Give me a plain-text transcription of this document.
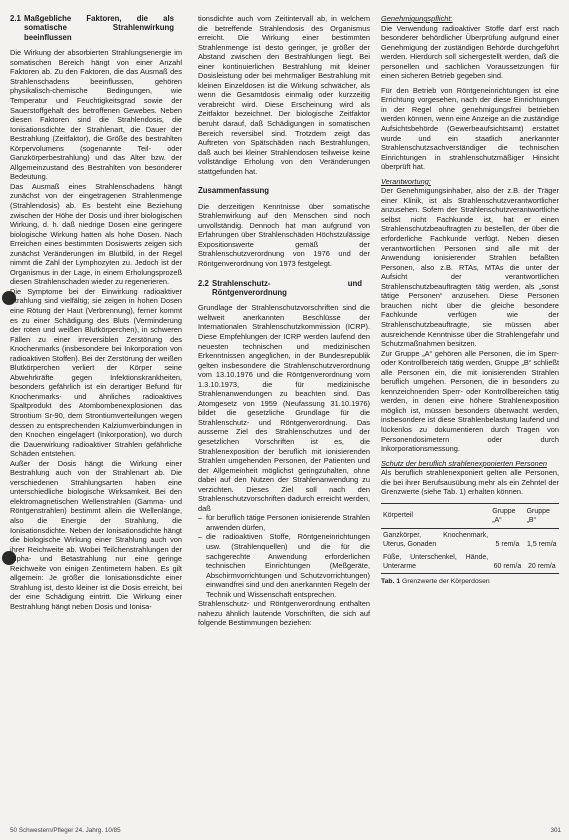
2.1 Maßgebliche Faktoren, die als somatische Strahlenwirkung beeinflussen

Die Wirkung der absorbierten Strahlungsenergie im somatischen Bereich hängt von einer Anzahl Faktoren ab. Zu den Faktoren, die das Ausmaß des Strahlenschadens beeinflussen, gehören physikalisch-chemische Bedingungen, wie Temperatur und Feuchtigkeitsgrad sowie der Sauerstoffgehalt des betroffenen Gewebes. Neben diesen Faktoren sind die Strahlendosis, die Ionisationsdichte der Strahlenart, die Dauer der Bestrahlung (Zeitfaktor), die Größe des bestrahlten Körpervolumens (sogenannte Teil- oder Ganzkörperbestrahlung) und das Alter bzw. der Allgemeinzustand des Bestrahlten von besonderer Bedeutung.

Das Ausmaß eines Strahlenschadens hängt zunächst von der eingetragenen Strahlenmenge (Strahlendosis) ab. Es besteht eine Beziehung zwischen der Höhe der Dosis und ihrer biologischen Wirkung, d. h. daß niedrige Dosen eine geringere biologische Wirkung hatten als hohe Dosen. Nach Erreichen eines bestimmten Dosiswerts zeigen sich zunächst Veränderungen im Blutbild, in der Regel nimmt die Zahl der Lymphozyten zu. Jedoch ist der Organismus in der Lage, in einem Erholungsprozeß diesen Strahlenschaden wieder zu regenerieren.

Die Symptome bei der Einwirkung radioaktiver Strahlung sind vielfältig; sie zeigen in hohen Dosen eine Rötung der Haut (Verbrennung), ferner kommt es zu einer Schädigung des Bluts (Verminderung der roten und weißen Blutkörperchen), in schweren Fällen zu einer irreversiblen Zerstörung des Knochenmarks (insbesondere bei Inkorporation von radioaktiven Stoffen). Bei der Zerstörung der weißen Blutkörperchen verliert der Körper seine Abwehrkräfte gegen Infektionskrankheiten, besonders gefährlich ist ein derartiger Befund für Knochenmarks- und ähnliches radioaktives Spaltprodukt des Atombombenexplosionen das Strontium Sr-90, dem Strontiumverteilungen wegen dessen zu entsprechenden Kalziumverbindungen in den Knochen eingelagert (Inkorporation), wo durch die Dauerwirkung radioaktiver Strahlen gefährliche Schäden entstehen.

Außer der Dosis hängt die Wirkung einer Bestrahlung auch von der Strahlenart ab. Die verschiedenen Strahlungsarten haben eine unterschiedliche biologische Wirksamkeit. Bei den elektromagnetischen Wellenstrahlen (Gamma- und Röntgenstrahlen) bestimmt allein die Wellenlänge, also die Energie der Strahlung, die Ionisationsdichte. Neben der Ionisationsdichte hängt die biologische Wirkung einer Strahlung auch von ihrer Reichweite ab. Wobei Teilchenstrahlungen der Alpha- und Betastrahlung nur eine geringe Reichweite von einigen Zentimetern haben. Es gilt allgemein: Je größer die Ionisationsdichte einer Strahlung ist, desto kleiner ist die Dosis erreicht, bei der eine Schädigung eintritt. Die Wirkung einer Bestrahlung hängt neben Dosis und Ionisa-

tionsdichte auch vom Zeitintervall ab, in welchem die betreffende Strahlendosis des Organismus erreicht. Die Wirkung einer bestimmten Strahlenmenge ist desto geringer, je größer der Abstand zwischen den Bestrahlungen liegt. Bei einer kontinuierlichen Bestrahlung mit kleiner Dosisleistung oder bei mehrmaliger Bestrahlung mit kleinen Einzeldosen ist die Wirkung schwächer, als wenn die Gesamtdosis einmalig oder kurzzeitig verabreicht wird. Diese Erscheinung wird als Zeitfaktor bezeichnet. Der biologische Zeitfaktor beruht darauf, daß Schädigungen in somatischen Bereich reversibel sind. Trotzdem zeigt das Auftreten von Spätschäden nach Bestrahlungen, daß auch bei kleiner Strahlendosen teilweise keine vollständige Erholung von den Veränderungen stattgefunden hat.

Zusammenfassung

Die derzeitigen Kenntnisse über somatische Strahlenwirkung auf den Menschen sind noch unvollständig. Dennoch hat man aufgrund von Erfahrungen über Strahlenschäden Höchstzulässige Expositionswerte gemäß der Strahlenschutzverordnung von 1976 und der Röntgenverordnung von 1973 festgelegt.

2.2 Strahlenschutz- und Röntgenverordnung

Grundlage der Strahlenschutzvorschriften sind die weltweit anerkannten Beschlüsse der Internationalen Strahlenschutzkommission (ICRP). Diese Empfehlungen der ICRP werden laufend den neuesten technischen und medizinischen Erkenntnissen angeglichen, in der Bundesrepublik gelten insbesondere die Strahlenschutzverordnung vom 13.10.1976 und die Röntgenverordnung vom 1.3.10.1973, die für medizinische Strahlenanwendungen zu beachten sind. Das Atomgesetz von 1959 (Neufassung 31.10.1976) bildet die gesetzliche Grundlage für die Strahlenschutz- und Röntgenverordnung. Das ausserne Ziel des Strahlenschutzes und der gesetzlichen Vorschriften ist es, die Strahlenexposition der beruflich mit ionisierenden Strahlen umgehenden Personen, der Patienten und der Allgemeinheit möglichst geringzuhalten, ohne dabei auf den Nutzen der Strahlenanwendung zu verzichten. Dieses Ziel soll nach den Strahlenschutzvorschriften dadurch erreicht werden, daß

– für beruflich tätige Personen ionisierende Strahlen anwenden dürfen,
– die radioaktiven Stoffe, Röntgeneinrichtungen usw. (Strahlenquellen) und die für die sachgerechte Anwendung erforderlichen technischen Einrichtungen (Meßgeräte, Abschirmvorrichtungen und Schutzvorrichtungen) einwandfrei sind und den anerkannten Regeln der Technik und Wissenschaft entsprechen.

Strahlenschutz- und Röntgenverordnung enthalten nahezu ähnlich lautende Vorschriften, die sich auf folgende Bestimmungen beziehen:

Genehmigungspflicht:

Die Verwendung radioaktiver Stoffe darf erst nach besonderer behördlicher Überprüfung aufgrund einer Genehmigung der zuständigen Behörde durchgeführt werden. Hierdurch soll sichergestellt werden, daß die personellen und sachlichen Voraussetzungen für einen sicheren Betrieb gegeben sind.

Für den Betrieb von Röntgeneinrichtungen ist eine Errichtung vorgesehen, nach der diese Einrichtungen in der Regel ohne genehmigungsfrei betrieben werden können, wenn eine Anzeige an die zuständige Aufsichtsbehörde (Gewerbeaufsichtsamt) erstattet wurde und ein staatlich anerkannter Strahlenschutzsachverständiger die technischen Einrichtungen in strahlenschutzmäßiger Hinsicht überprüft hat.

Verantwortung:

Der Genehmigungsinhaber, also der z.B. der Träger einer Klinik, ist als Strahlenschutzverantwortlicher anzusehen. Sofern der Strahlenschutzverantwortliche selbst nicht Fachkunde ist, hat er einen Strahlenschutzbeauftragten zu bestellen, der über die erforderliche Fachkunde verfügt. Neben diesen verantwortlichen Personen sind alle mit der Anwendung ionisierender Strahlen befaßten Personen, also z.B. RTAs, MTAs die unter der Aufsicht der verantwortlichen Strahlenschutzbeauftragten tätig werden, als „sonst tätige Personen“ anzusehen. Diese Personen brauchen nicht über die gleiche besondere Fachkunde verfügen wie der Strahlenschutzbeauftragte, sie müssen aber ausreichende Kenntnisse über die Strahlengefahr und Schutzmaßnahmen besitzen.

Zur Gruppe „A“ gehören alle Personen, die im Sperr- oder Kontrollbereich tätig werden, Gruppe „B“ schließt alle Personen ein, die mit ionisierenden Strahlen beruflich umgehen. Personen, die in besonders zu kennzeichnenden Sperr- oder Kontrollbereichen tätig werden, in denen eine höhere Strahlenexposition möglich ist, müssen besonders überwacht werden, insbesondere ist diese Strahlenbelastung laufend und lückenlos zu dokumentieren durch Tragen von Personendosimetern oder durch Inkorporationsmessung.

Schutz der beruflich strahlenexponierten Personen

Als beruflich strahlenexponiert gelten alle Personen, die bei ihrer Berufsausübung mehr als ein Zehntel der Grenzwerte (siehe Tab. 1) erhalten können.

Körperteil	Gruppe „A“	Gruppe „B“
Ganzkörper, Knochenmark, Uterus, Gonaden	5 rem/a	1,5 rem/a
Füße, Unterschenkel, Hände, Unterarme	60 rem/a	20 rem/a
Tab. 1 Grenzwerte der Körperdosen
50 Schwestern/Pfleger 24. Jahrg. 10/85	301
